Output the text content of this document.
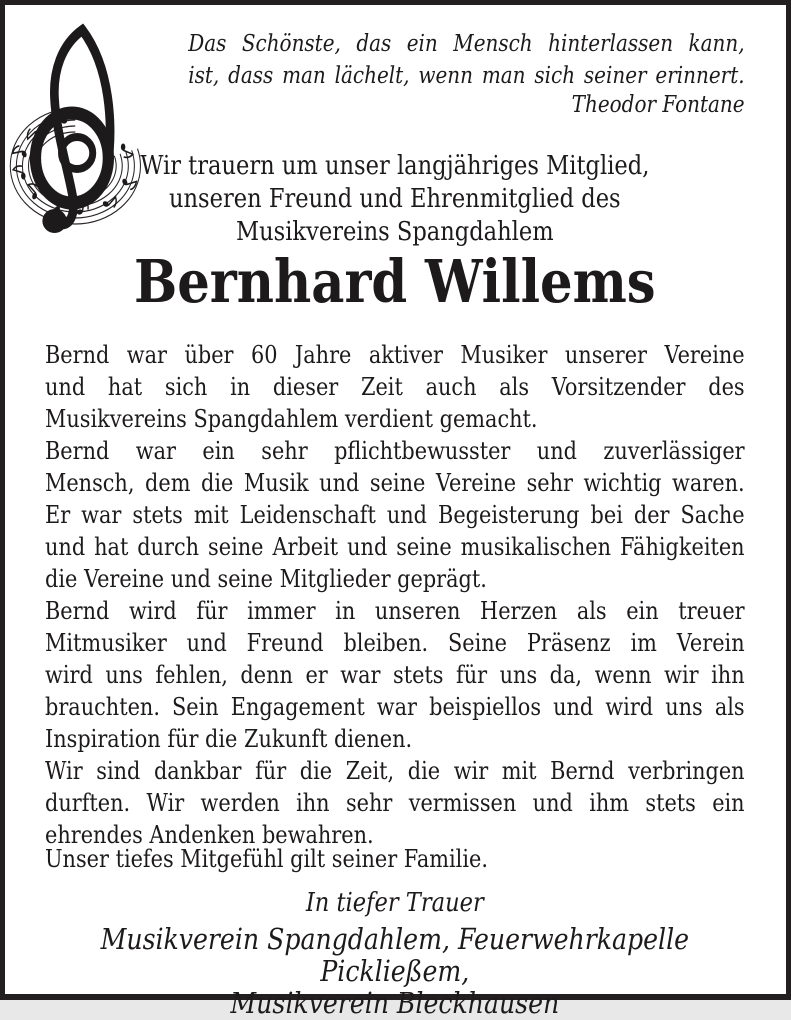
Das Schönste, das ein Mensch hinterlassen kann,
ist, dass man lächelt, wenn man sich seiner erinnert.
Theodor Fontane
Wir trauern um unser langjähriges Mitglied,
unseren Freund und Ehrenmitglied des
Musikvereins Spangdahlem
Bernhard Willems
Bernd war über 60 Jahre aktiver Musiker unserer Vereine
und hat sich in dieser Zeit auch als Vorsitzender des
Musikvereins Spangdahlem verdient gemacht.
Bernd war ein sehr pflichtbewusster und zuverlässiger
Mensch, dem die Musik und seine Vereine sehr wichtig waren.
Er war stets mit Leidenschaft und Begeisterung bei der Sache
und hat durch seine Arbeit und seine musikalischen Fähigkeiten
die Vereine und seine Mitglieder geprägt.
Bernd wird für immer in unseren Herzen als ein treuer
Mitmusiker und Freund bleiben. Seine Präsenz im Verein
wird uns fehlen, denn er war stets für uns da, wenn wir ihn
brauchten. Sein Engagement war beispiellos und wird uns als
Inspiration für die Zukunft dienen.
Wir sind dankbar für die Zeit, die wir mit Bernd verbringen
durften. Wir werden ihn sehr vermissen und ihm stets ein
ehrendes Andenken bewahren.
Unser tiefes Mitgefühl gilt seiner Familie.
In tiefer Trauer
Musikverein Spangdahlem, Feuerwehrkapelle Pickließem,
Musikverein Bleckhausen
